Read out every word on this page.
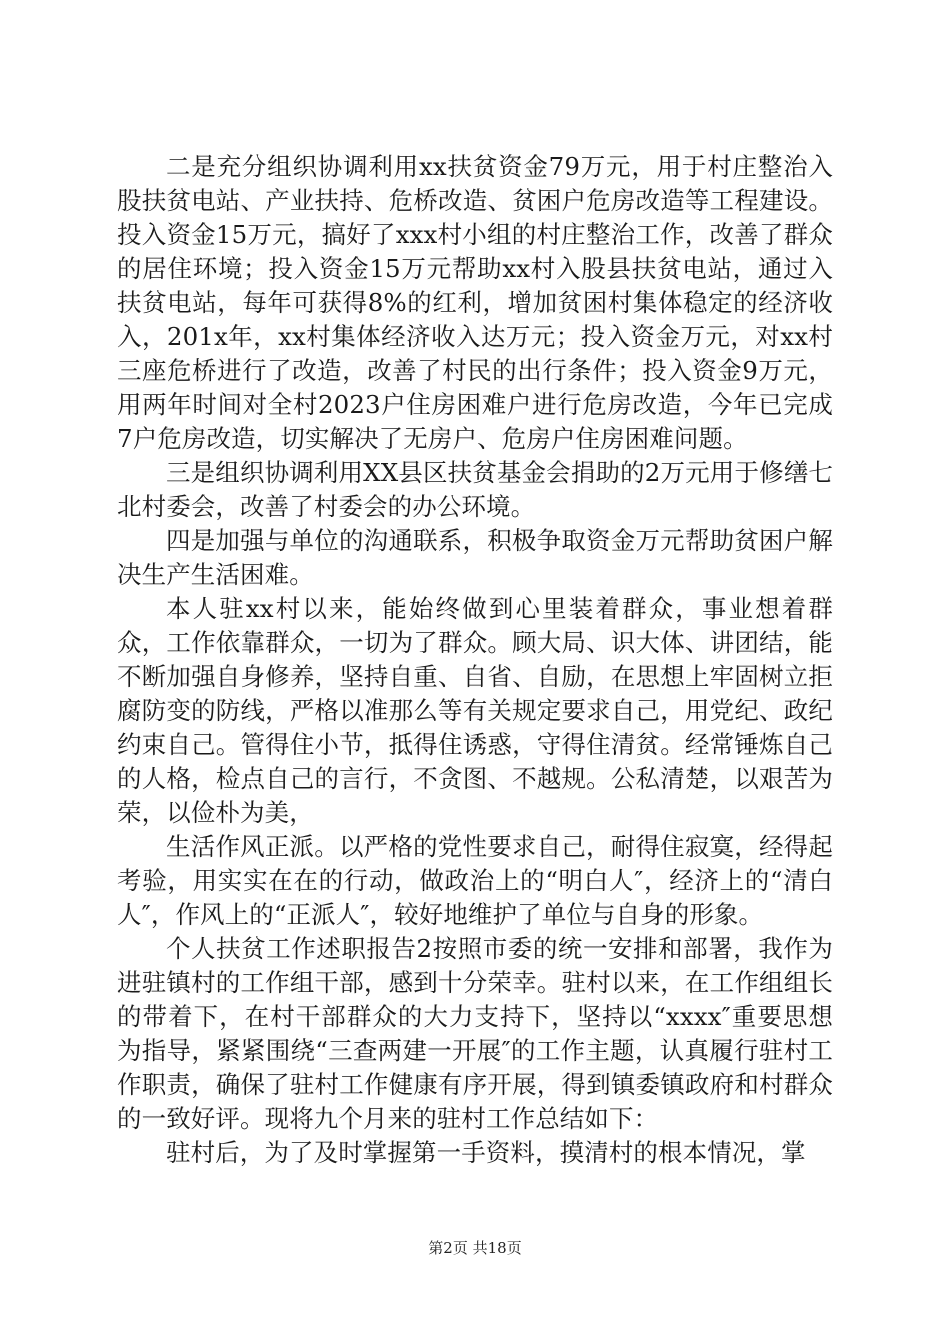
二是充分组织协调利用xx扶贫资金79万元，用于村庄整治入股扶贫电站、产业扶持、危桥改造、贫困户危房改造等工程建设。投入资金15万元，搞好了xxx村小组的村庄整治工作，改善了群众的居住环境；投入资金15万元帮助xx村入股县扶贫电站，通过入扶贫电站，每年可获得8%的红利，增加贫困村集体稳定的经济收入，201x年，xx村集体经济收入达万元；投入资金万元，对xx村三座危桥进行了改造，改善了村民的出行条件；投入资金9万元，用两年时间对全村2023户住房困难户进行危房改造，今年已完成7户危房改造，切实解决了无房户、危房户住房困难问题。

三是组织协调利用XX县区扶贫基金会捐助的2万元用于修缮七北村委会，改善了村委会的办公环境。

四是加强与单位的沟通联系，积极争取资金万元帮助贫困户解决生产生活困难。

本人驻xx村以来，能始终做到心里装着群众，事业想着群众，工作依靠群众，一切为了群众。顾大局、识大体、讲团结，能不断加强自身修养，坚持自重、自省、自励，在思想上牢固树立拒腐防变的防线，严格以准那么等有关规定要求自己，用党纪、政纪约束自己。管得住小节，抵得住诱惑，守得住清贫。经常锤炼自己的人格，检点自己的言行，不贪图、不越规。公私清楚，以艰苦为荣，以俭朴为美，

生活作风正派。以严格的党性要求自己，耐得住寂寞，经得起考验，用实实在在的行动，做政治上的“明白人″，经济上的“清白人″，作风上的“正派人″，较好地维护了单位与自身的形象。

个人扶贫工作述职报告2按照市委的统一安排和部署，我作为进驻镇村的工作组干部，感到十分荣幸。驻村以来，在工作组组长的带着下，在村干部群众的大力支持下，坚持以“xxxx″重要思想为指导，紧紧围绕“三查两建一开展″的工作主题，认真履行驻村工作职责，确保了驻村工作健康有序开展，得到镇委镇政府和村群众的一致好评。现将九个月来的驻村工作总结如下：

驻村后，为了及时掌握第一手资料，摸清村的根本情况，掌

第2页 共18页
